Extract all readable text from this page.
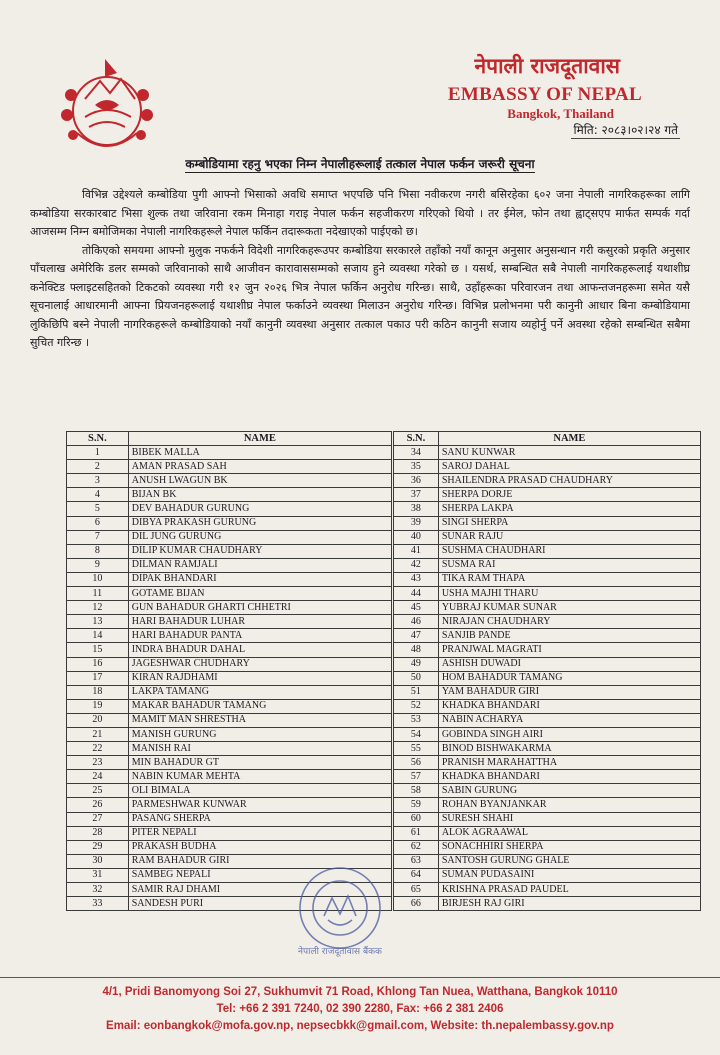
नेपाली राजदूतावास
EMBASSY OF NEPAL
Bangkok, Thailand
मिति: २०८३।०२।२४ गते
कम्बोडियामा रहनु भएका निम्न नेपालीहरूलाई तत्काल नेपाल फर्कन जरूरी सूचना

विभिन्न उद्देश्यले कम्बोडिया पुगी आफ्नो भिसाको अवधि समाप्त भएपछि पनि भिसा नवीकरण नगरी बसिरहेका ६०२ जना नेपाली नागरिकहरूका लागि कम्बोडिया सरकारबाट भिसा शुल्क तथा जरिवाना रकम मिनाहा गराइ नेपाल फर्कन सहजीकरण गरिएको थियो । तर ईमेल, फोन तथा ह्वाट्सएप मार्फत सम्पर्क गर्दा आजसम्म निम्न बमोजिमका नेपाली नागरिकहरूले नेपाल फर्किन तदारूकता नदेखाएको पाईएको छ।

तोकिएको समयमा आफ्नो मुलुक नफर्कने विदेशी नागरिकहरूउपर कम्बोडिया सरकारले तहाँको नयाँ कानून अनुसार अनुसन्धान गरी कसुरको प्रकृति अनुसार पाँचलाख अमेरिकि डलर सम्मको जरिवानाको साथै आजीवन कारावाससम्मको सजाय हुने व्यवस्था गरेको छ । यसर्थ, सम्बन्धित सबै नेपाली नागरिकहरूलाई यथाशीघ्र कनेक्टिड फ्लाइटसहितको टिकटको व्यवस्था गरी १२ जुन २०२६ भित्र नेपाल फर्किन अनुरोध गरिन्छ। साथै, उहाँहरूका परिवारजन तथा आफन्तजनहरूमा समेत यसै सूचनालाई आधारमानी आफ्ना प्रियजनहरूलाई यथाशीघ्र नेपाल फर्काउने व्यवस्था मिलाउन अनुरोध गरिन्छ। विभिन्न प्रलोभनमा परी कानुनी आधार बिना कम्बोडियामा लुकिछिपि बस्ने नेपाली नागरिकहरूले कम्बोडियाको नयाँ कानुनी व्यवस्था अनुसार तत्काल पकाउ परी कठिन कानुनी सजाय व्यहोर्नु पर्ने अवस्था रहेको सम्बन्धित सबैमा सुचित गरिन्छ ।

S.N.	NAME
1	BIBEK MALLA
2	AMAN PRASAD SAH
3	ANUSH LWAGUN BK
4	BIJAN BK
5	DEV BAHADUR GURUNG
6	DIBYA PRAKASH GURUNG
7	DIL JUNG GURUNG
8	DILIP KUMAR CHAUDHARY
9	DILMAN RAMJALI
10	DIPAK BHANDARI
11	GOTAME BIJAN
12	GUN BAHADUR GHARTI CHHETRI
13	HARI BAHADUR LUHAR
14	HARI BAHADUR PANTA
15	INDRA BHADUR DAHAL
16	JAGESHWAR CHUDHARY
17	KIRAN RAJDHAMI
18	LAKPA TAMANG
19	MAKAR BAHADUR TAMANG
20	MAMIT MAN SHRESTHA
21	MANISH GURUNG
22	MANISH RAI
23	MIN BAHADUR GT
24	NABIN KUMAR MEHTA
25	OLI BIMALA
26	PARMESHWAR KUNWAR
27	PASANG SHERPA
28	PITER NEPALI
29	PRAKASH BUDHA
30	RAM BAHADUR GIRI
31	SAMBEG NEPALI
32	SAMIR RAJ DHAMI
33	SANDESH PURI
S.N.	NAME
34	SANU KUNWAR
35	SAROJ DAHAL
36	SHAILENDRA PRASAD CHAUDHARY
37	SHERPA DORJE
38	SHERPA LAKPA
39	SINGI SHERPA
40	SUNAR RAJU
41	SUSHMA CHAUDHARI
42	SUSMA RAI
43	TIKA RAM THAPA
44	USHA MAJHI THARU
45	YUBRAJ KUMAR SUNAR
46	NIRAJAN CHAUDHARY
47	SANJIB PANDE
48	PRANJWAL MAGRATI
49	ASHISH DUWADI
50	HOM BAHADUR TAMANG
51	YAM BAHADUR GIRI
52	KHADKA BHANDARI
53	NABIN ACHARYA
54	GOBINDA SINGH AIRI
55	BINOD BISHWAKARMA
56	PRANISH MARAHATTHA
57	KHADKA BHANDARI
58	SABIN GURUNG
59	ROHAN BYANJANKAR
60	SURESH SHAHI
61	ALOK AGRAAWAL
62	SONACHHIRI SHERPA
63	SANTOSH GURUNG GHALE
64	SUMAN PUDASAINI
65	KRISHNA PRASAD PAUDEL
66	BIRJESH RAJ GIRI
नेपाली राजदूतावास बैंकक
4/1, Pridi Banomyong Soi 27, Sukhumvit 71 Road, Khlong Tan Nuea, Watthana, Bangkok 10110
Tel: +66 2 391 7240, 02 390 2280, Fax: +66 2 381 2406
Email: eonbangkok@mofa.gov.np, nepsecbkk@gmail.com, Website: th.nepalembassy.gov.np
